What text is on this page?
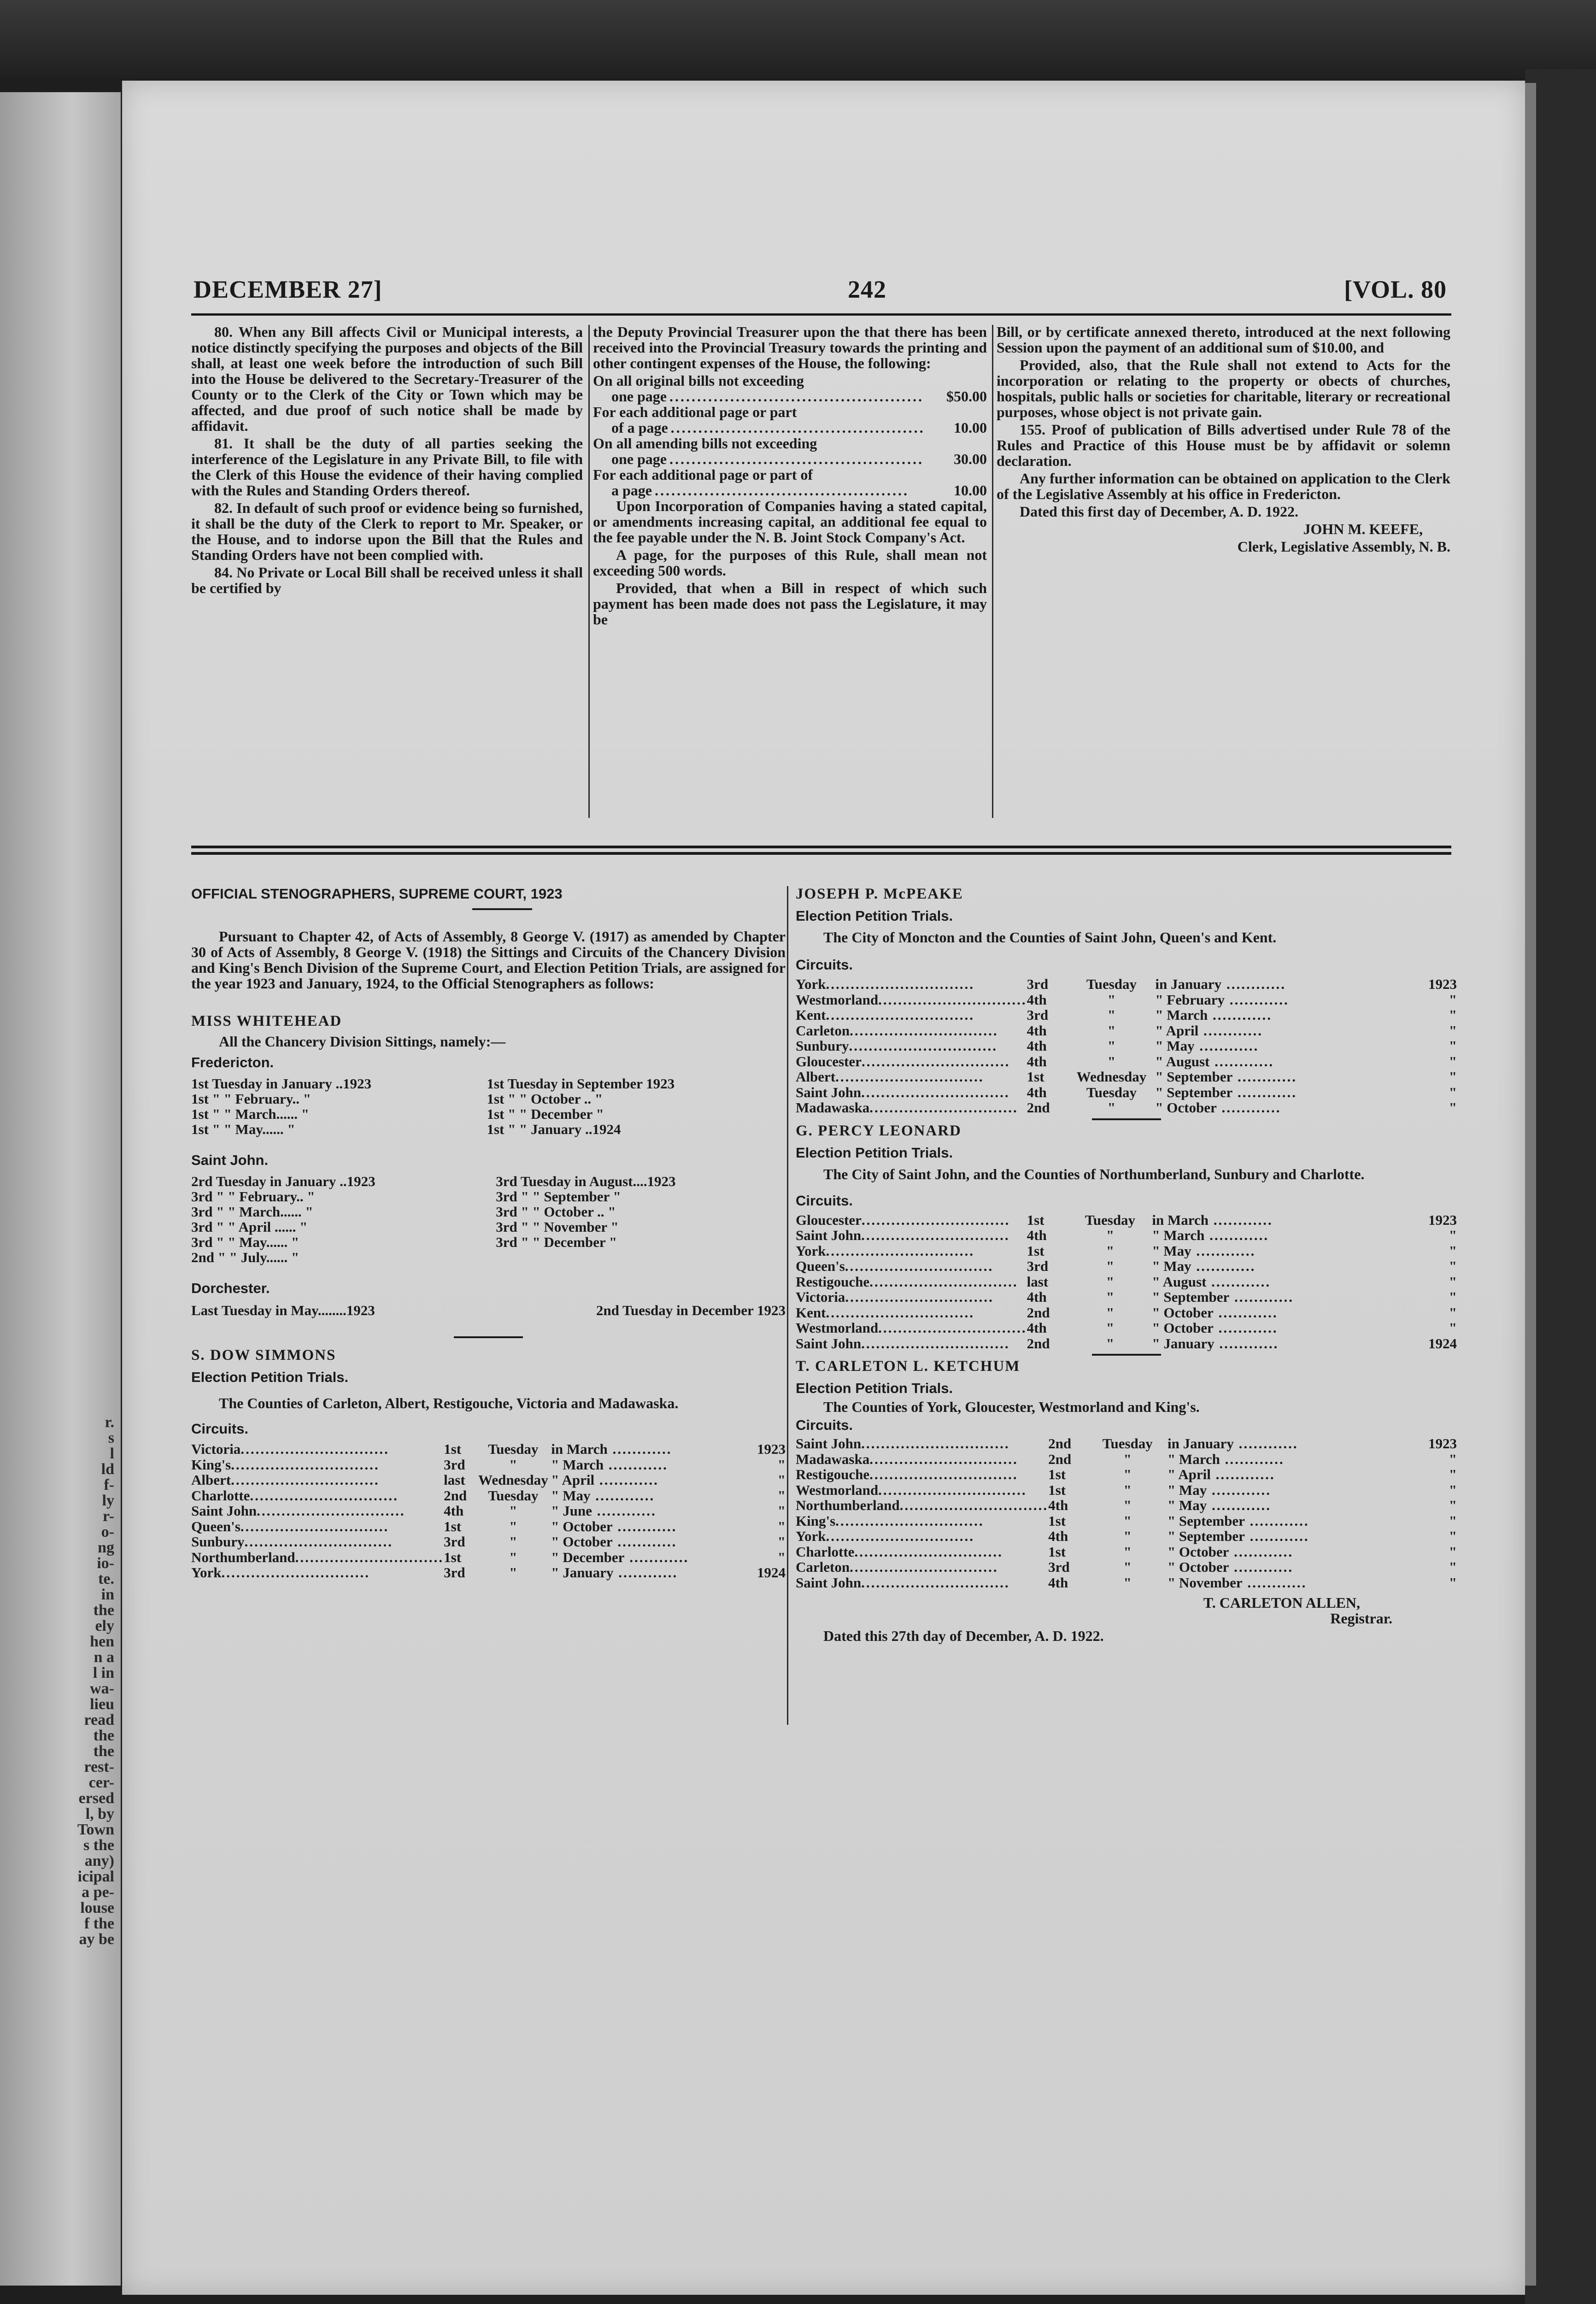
r.
s
l
ld
f-
ly
r-
o-
ng
io-
te.
in
the
ely
hen
n a
l in
wa-
lieu
read
the
the
rest-
cer-
ersed
l, by
Town
s the
any)
icipal
a pe-
louse
f the
ay be
DECEMBER 27]	242	[VOL. 80

80. When any Bill affects Civil or Municipal interests, a notice distinctly specifying the purposes and objects of the Bill shall, at least one week before the introduction of such Bill into the House be delivered to the Secretary-Treasurer of the County or to the Clerk of the City or Town which may be affected, and due proof of such notice shall be made by affidavit.

81. It shall be the duty of all parties seeking the interference of the Legislature in any Private Bill, to file with the Clerk of this House the evidence of their having complied with the Rules and Standing Orders thereof.

82. In default of such proof or evidence being so furnished, it shall be the duty of the Clerk to report to Mr. Speaker, or the House, and to indorse upon the Bill that the Rules and Standing Orders have not been complied with.

84. No Private or Local Bill shall be received unless it shall be certified by

the Deputy Provincial Treasurer upon the that there has been received into the Provincial Treasury towards the printing and other contingent expenses of the House, the following:

On all original bills not exceeding
one page ..............................................	$50.00
For each additional page or part
of a page ..............................................	10.00
On all amending bills not exceeding
one page ..............................................	30.00
For each additional page or part of
a page ..............................................	10.00

Upon Incorporation of Companies having a stated capital, or amendments increasing capital, an additional fee equal to the fee payable under the N. B. Joint Stock Company's Act.

A page, for the purposes of this Rule, shall mean not exceeding 500 words.

Provided, that when a Bill in respect of which such payment has been made does not pass the Legislature, it may be

Bill, or by certificate annexed thereto, introduced at the next following Session upon the payment of an additional sum of $10.00, and

Provided, also, that the Rule shall not extend to Acts for the incorporation or relating to the property or obects of churches, hospitals, public halls or societies for charitable, literary or recreational purposes, whose object is not private gain.

155. Proof of publication of Bills advertised under Rule 78 of the Rules and Practice of this House must be by affidavit or solemn declaration.

Any further information can be obtained on application to the Clerk of the Legislative Assembly at his office in Fredericton.

Dated this first day of December, A. D. 1922.

JOHN M. KEEFE,

Clerk, Legislative Assembly, N. B.

OFFICIAL STENOGRAPHERS, SUPREME COURT, 1923

Pursuant to Chapter 42, of Acts of Assembly, 8 George V. (1917) as amended by Chapter 30 of Acts of Assembly, 8 George V. (1918) the Sittings and Circuits of the Chancery Division and King's Bench Division of the Supreme Court, and Election Petition Trials, are assigned for the year 1923 and January, 1924, to the Official Stenographers as follows:

MISS WHITEHEAD

All the Chancery Division Sittings, namely:—

Fredericton.

1st Tuesday in January ..1923	1st Tuesday in September 1923
1st " " February.. "	1st " " October .. "
1st " " March...... "	1st " " December "
1st " " May...... "	1st " " January ..1924

Saint John.

2rd Tuesday in January ..1923	3rd Tuesday in August....1923
3rd " " February.. "	3rd " " September "
3rd " " March...... "	3rd " " October .. "
3rd " " April ...... "	3rd " " November "
3rd " " May...... "	3rd " " December "
2nd " " July...... "	

Dorchester.

Last Tuesday in May........1923	2nd Tuesday in December 1923

S. DOW SIMMONS

Election Petition Trials.

The Counties of Carleton, Albert, Restigouche, Victoria and Madawaska.

Circuits.

Victoria..............................	1st	Tuesday	in March ............	1923
King's..............................	3rd	"	" March ............	"
Albert..............................	last	Wednesday	" April ............	"
Charlotte..............................	2nd	Tuesday	" May ............	"
Saint John..............................	4th	"	" June ............	"
Queen's..............................	1st	"	" October ............	"
Sunbury..............................	3rd	"	" October ............	"
Northumberland..............................	1st	"	" December ............	"
York..............................	3rd	"	" January ............	1924

JOSEPH P. McPEAKE

Election Petition Trials.

The City of Moncton and the Counties of Saint John, Queen's and Kent.

Circuits.

York..............................	3rd	Tuesday	in January ............	1923
Westmorland..............................	4th	"	" February ............	"
Kent..............................	3rd	"	" March ............	"
Carleton..............................	4th	"	" April ............	"
Sunbury..............................	4th	"	" May ............	"
Gloucester..............................	4th	"	" August ............	"
Albert..............................	1st	Wednesday	" September ............	"
Saint John..............................	4th	Tuesday	" September ............	"
Madawaska..............................	2nd	"	" October ............	"

G. PERCY LEONARD

Election Petition Trials.

The City of Saint John, and the Counties of Northumberland, Sunbury and Charlotte.

Circuits.

Gloucester..............................	1st	Tuesday	in March ............	1923
Saint John..............................	4th	"	" March ............	"
York..............................	1st	"	" May ............	"
Queen's..............................	3rd	"	" May ............	"
Restigouche..............................	last	"	" August ............	"
Victoria..............................	4th	"	" September ............	"
Kent..............................	2nd	"	" October ............	"
Westmorland..............................	4th	"	" October ............	"
Saint John..............................	2nd	"	" January ............	1924

T. CARLETON L. KETCHUM

Election Petition Trials.

The Counties of York, Gloucester, Westmorland and King's.

Circuits.

Saint John..............................	2nd	Tuesday	in January ............	1923
Madawaska..............................	2nd	"	" March ............	"
Restigouche..............................	1st	"	" April ............	"
Westmorland..............................	1st	"	" May ............	"
Northumberland..............................	4th	"	" May ............	"
King's..............................	1st	"	" September ............	"
York..............................	4th	"	" September ............	"
Charlotte..............................	1st	"	" October ............	"
Carleton..............................	3rd	"	" October ............	"
Saint John..............................	4th	"	" November ............	"

T. CARLETON ALLEN,

Registrar.

Dated this 27th day of December, A. D. 1922.
